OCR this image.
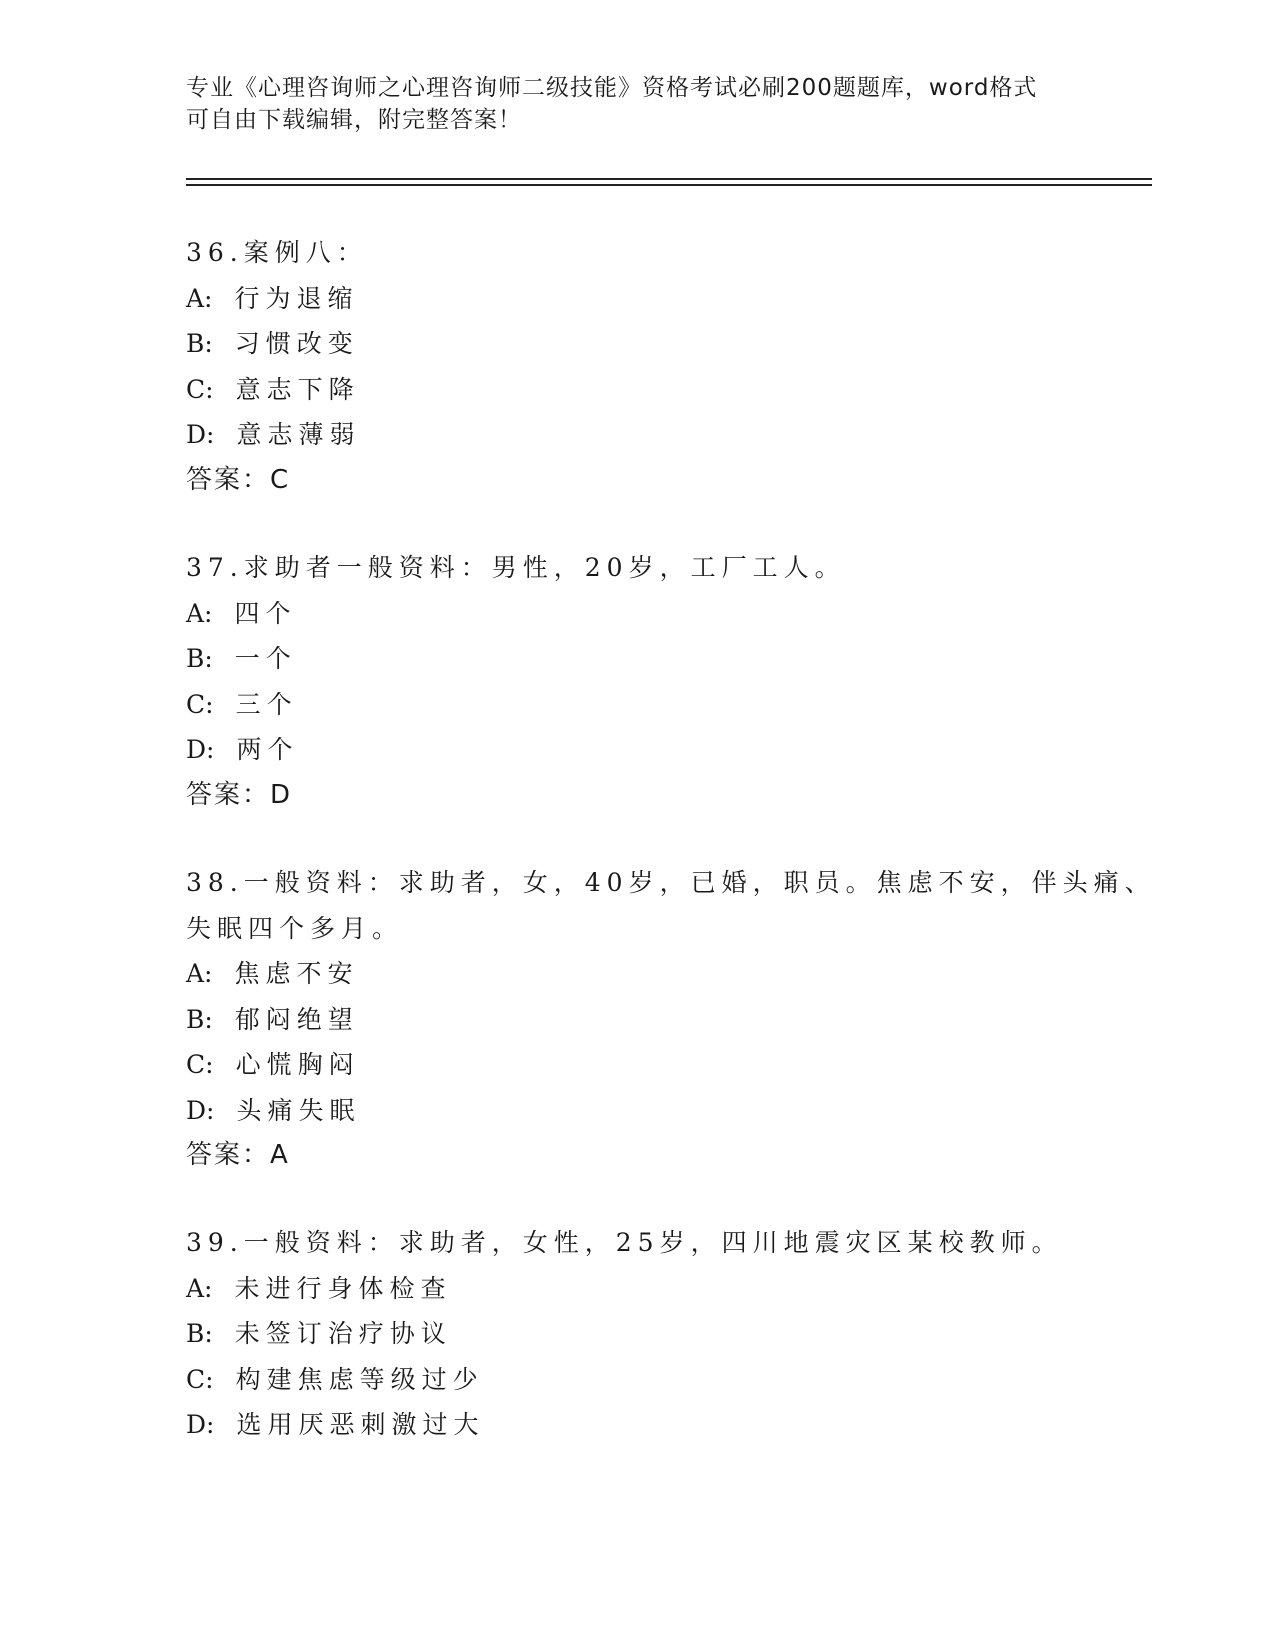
专业《心理咨询师之心理咨询师二级技能》资格考试必刷200题题库，word格式
可自由下载编辑，附完整答案！
36.案例八：
A: 行为退缩
B: 习惯改变
C: 意志下降
D: 意志薄弱
答案：C
37.求助者一般资料：男性，20岁，工厂工人。
A: 四个
B: 一个
C: 三个
D: 两个
答案：D
38.一般资料：求助者，女，40岁，已婚，职员。焦虑不安，伴头痛、
失眠四个多月。
A: 焦虑不安
B: 郁闷绝望
C: 心慌胸闷
D: 头痛失眠
答案：A
39.一般资料：求助者，女性，25岁，四川地震灾区某校教师。
A: 未进行身体检查
B: 未签订治疗协议
C: 构建焦虑等级过少
D: 选用厌恶刺激过大
